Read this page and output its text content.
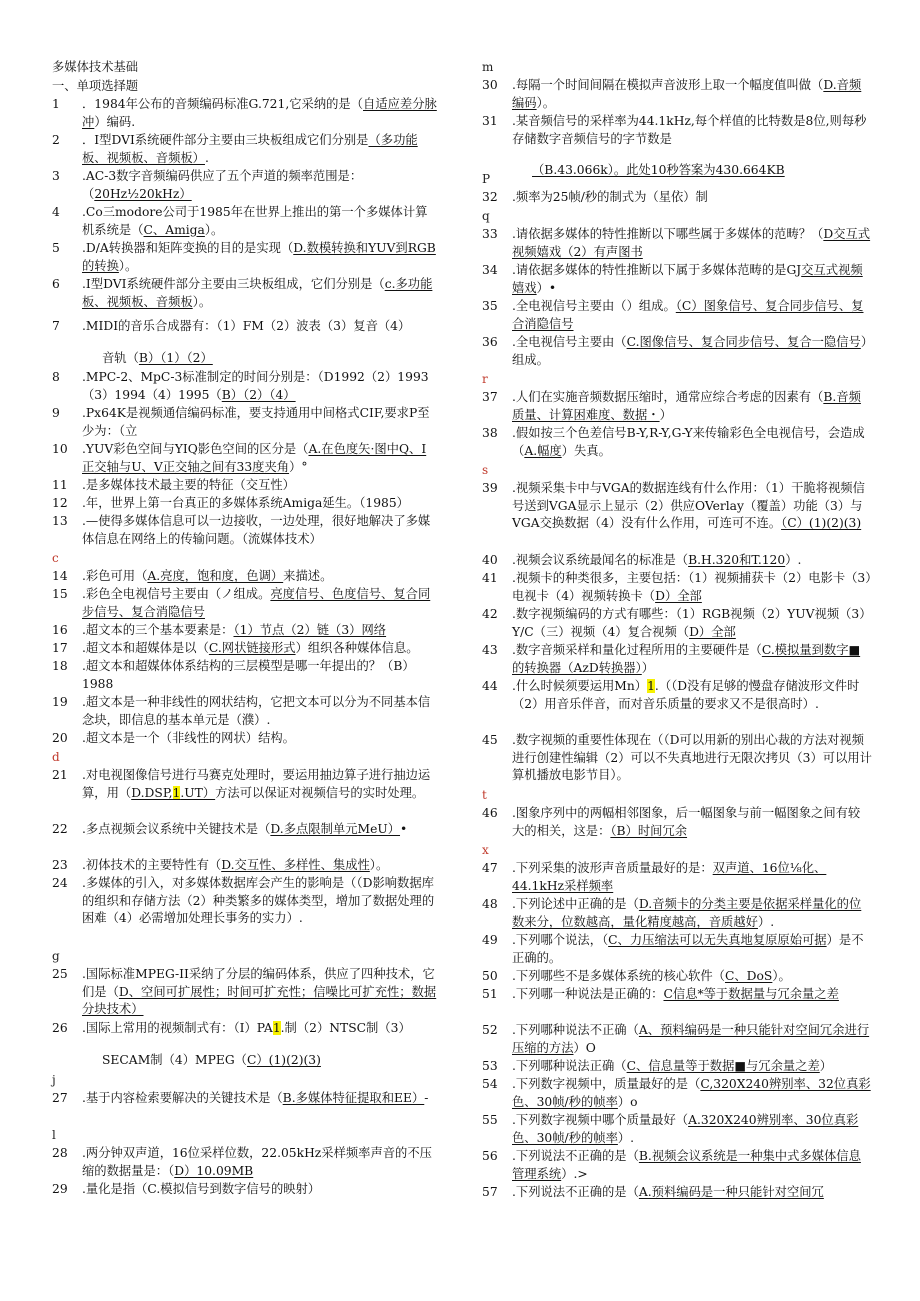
多媒体技术基础
一、单项选择题
1	．1984年公布的音频编码标准G.721,它采纳的是（自适应差分脉冲）编码.
2	．I型DVI系统硬件部分主要由三块板组成它们分别是（多功能板、视频板、音频板）.
3	.AC-3数字音频编码供应了五个声道的频率范围是：（20Hz½20kHz）
4	.Co三modore公司于1985年在世界上推出的第一个多媒体计算机系统是（C、Amiga）。
5	.D/A转换器和矩阵变换的目的是实现（D.数模转换和YUV到RGB的转换）。
6	.I型DVI系统硬件部分主要由三块板组成，它们分别是（c.多功能板、视频板、音频板）。
7	.MIDI的音乐合成器有：（1）FM（2）波表（3）复音（4）
音轨（B）（1）（2）
8	.MPC-2、MpC-3标准制定的时间分别是：（D1992（2）1993（3）1994（4）1995（B）（2）（4）
9	.Px64K是视频通信编码标准，要支持通用中间格式CIF,要求P至少为：（立
10	.YUV彩色空间与YIQ影色空间的区分是（A.在色度矢·图中Q、I正交轴与U、V正交轴之间有33度夹角）°
11	.是多媒体技术最主要的特征（交互性）
12	.年，世界上第一台真正的多媒体系统Amiga延生。（1985）
13	.—使得多媒体信息可以一边接收，一边处理，很好地解决了多媒体信息在网络上的传输问题。（流媒体技术）
c
14	.彩色可用（A.亮度，饱和度，色调）来描述。
15	.彩色全电视信号主要由（ノ组成。亮度信号、色度信号、复合同步信号、复合消隐信号
16	.超文本的三个基本要素是：（1）节点（2）链（3）网络
17	.超文本和超媒体是以（C.网状链接形式）组织各种媒体信息。
18	.超文本和超媒体体系结构的三层模型是哪一年提出的？（B）1988
19	.超文本是一种非线性的网状结构，它把文本可以分为不同基本信念块，即信息的基本单元是（濮）.
20	.超文本是一个（非线性的网状）结构。
d
21	.对电视图像信号进行马赛克处理时，要运用抽边算子进行抽边运算，用（D.DSP,1.UT）方法可以保证对视频信号的实时处理。
22	.多点视频会议系统中关键技术是（D.多点限制单元MeU）•
23	.初体技术的主要特性有（D.交互性、多样性、集成性）。
24	.多媒体的引入，对多媒体数据库会产生的影响是（（D影响数据库的组织和存储方法（2）种类繁多的媒体类型，增加了数据处理的困难（4）必需增加处理长事务的实力）.
g
25	.国际标准MPEG-II采纳了分层的编码体系，供应了四种技术，它们是（D、空间可扩展性；时间可扩充性；信噪比可扩充性；数据分块技术）
26	.国际上常用的视频制式有：（I）PA1.制（2）NTSC制（3）
SECAM制（4）MPEG（C）(1)(2)(3)
j
27	.基于内容检索要解决的关键技术是（B.多媒体特征提取和EE）-
l
28	.两分钟双声道，16位采样位数，22.05kHz采样频率声音的不压缩的数据量是：（D）10.09MB
29	.量化是指（C.模拟信号到数字信号的映射）
m
30	.每隔一个时间间隔在模拟声音波形上取一个幅度值叫做（D.音频编码）。
31	.某音频信号的采样率为44.1kHz,每个样值的比特数是8位,则每秒存储数字音频信号的字节数是
（B.43.066k）。此处10秒答案为430.664KB
P
32	.频率为25帧/秒的制式为（星依）制
q
33	.请依据多媒体的特性推断以下哪些属于多媒体的范畴？（D交互式视频嬉戏（2）有声图书
34	.请依据多媒体的特性推断以下属于多媒体范畴的是GJ交互式视频嬉戏）•
35	.全电视信号主要由（）组成。（C）图象信号、复合同步信号、复合消隐信号
36	.全电视信号主要由（C.图像信号、复合同步信号、复合一隐信号）组成。
r
37	.人们在实施音频数据压缩时，通常应综合考虑的因素有（B.音频质量、计算困难度、数据・）
38	.假如按三个色差信号B-Y,R-Y,G-Y来传输彩色全电视信号，会造成（A.幅度）失真。
s
39	.视频采集卡中与VGA的数据连线有什么作用：（1）干脆将视频信号送到VGA显示上显示（2）供应OVerlay（覆盖）功能（3）与VGA交换数据（4）没有什么作用，可连可不连。（C）(1)(2)(3)
40	.视频会议系统最闻名的标准是（B.H.320和T.120）.
41	.视频卡的种类很多，主要包括：（1）视频捕获卡（2）电影卡（3）电视卡（4）视频转换卡（D）全部
42	.数字视频编码的方式有哪些：（1）RGB视频（2）YUV视频（3）Y/C（三）视频（4）复合视频（D）全部
43	.数字音频采样和量化过程所用的主要硬件是（C.模拟量到数字■的转换器（AzD转换器））
44	.什么时候须要运用Mn）1.（（D没有足够的慢盘存储波形文件时（2）用音乐伴音，而对音乐质量的要求又不是很高时）.
45	.数字视频的重要性体现在（（D可以用新的别出心裁的方法对视频进行创建性编辑（2）可以不失真地进行无限次拷贝（3）可以用计算机播放电影节目）。
t
46	.图象序列中的两幅相邻图象，后一幅图象与前一幅图象之间有较大的相关，这是：（B）时间冗余
x
47	.下列采集的波形声音质量最好的是：双声道、16位⅛化、44.1kHz采样频率
48	.下列论述中正确的是（D.音频卡的分类主要是依据采样量化的位数来分，位数越高，量化精度越高，音质越好）.
49	.下列哪个说法，（C、力压缩法可以无失真地复原原始可据）是不正确的。
50	.下列哪些不是多媒体系统的核心软件（C、DoS）。
51	.下列哪一种说法是正确的：C信息*等于数据量与冗余量之差
52	.下列哪种说法不正确（A、预料编码是一种只能针对空间冗余进行压缩的方法）O
53	.下列哪种说法正确（C、信息量等于数据■与冗余量之差）
54	.下列数字视频中，质量最好的是（C,320X240辨别率、32位真彩色、30帧/秒的帧率）o
55	.下列数字视频中哪个质量最好（A.320X240辨别率、30位真彩色、30帧/秒的帧率）.
56	.下列说法不正确的是（B.视频会议系统是一种集中式多媒体信息管理系统）.>
57	.下列说法不正确的是（A.预料编码是一种只能针对空间冗
